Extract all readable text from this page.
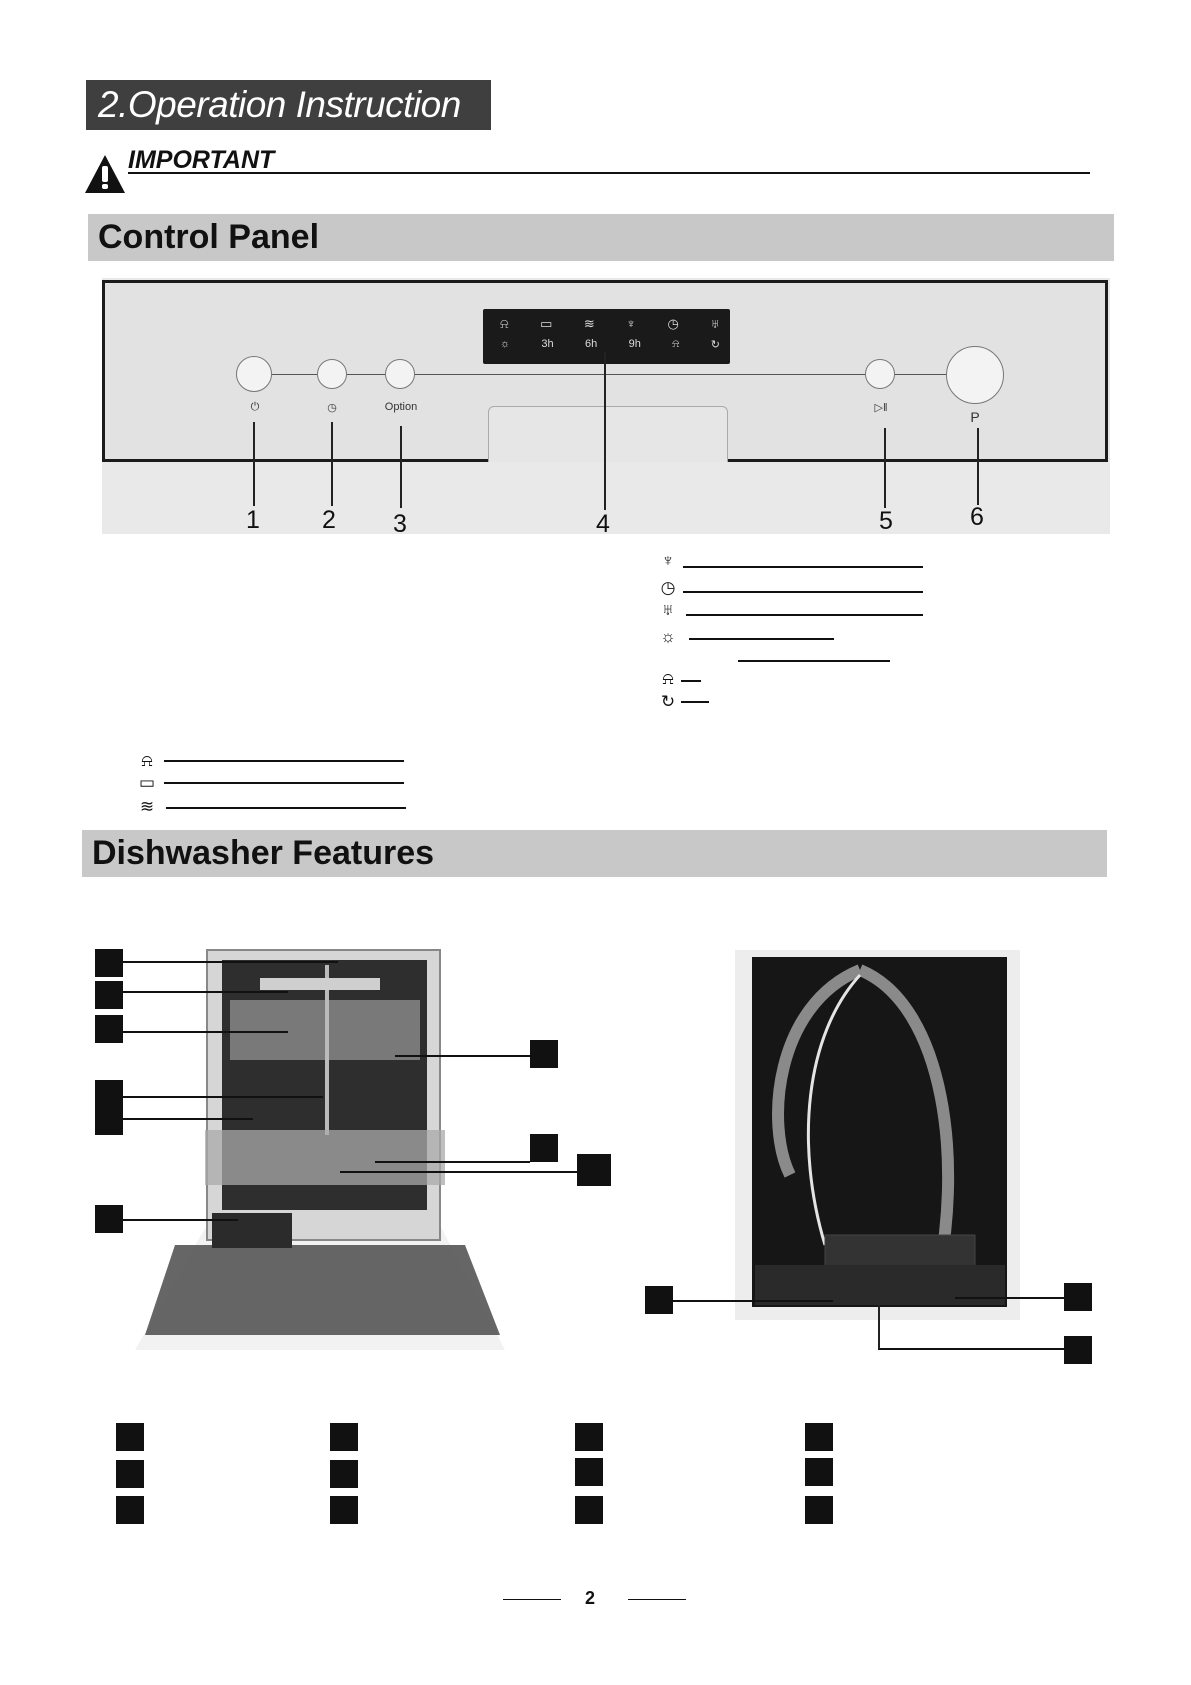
2.Operation Instruction
IMPORTANT
Control Panel
⍾ ▭ ≋ ♆ ◷ ♅
☼	3h	6h	9h	⍾	↻
⏻	◷	Option	▷‖
P
1	2	3	4	5	6
♆
◷
♅
☼
⍾
↻
⍾
▭
≋
Dishwasher Features
2
